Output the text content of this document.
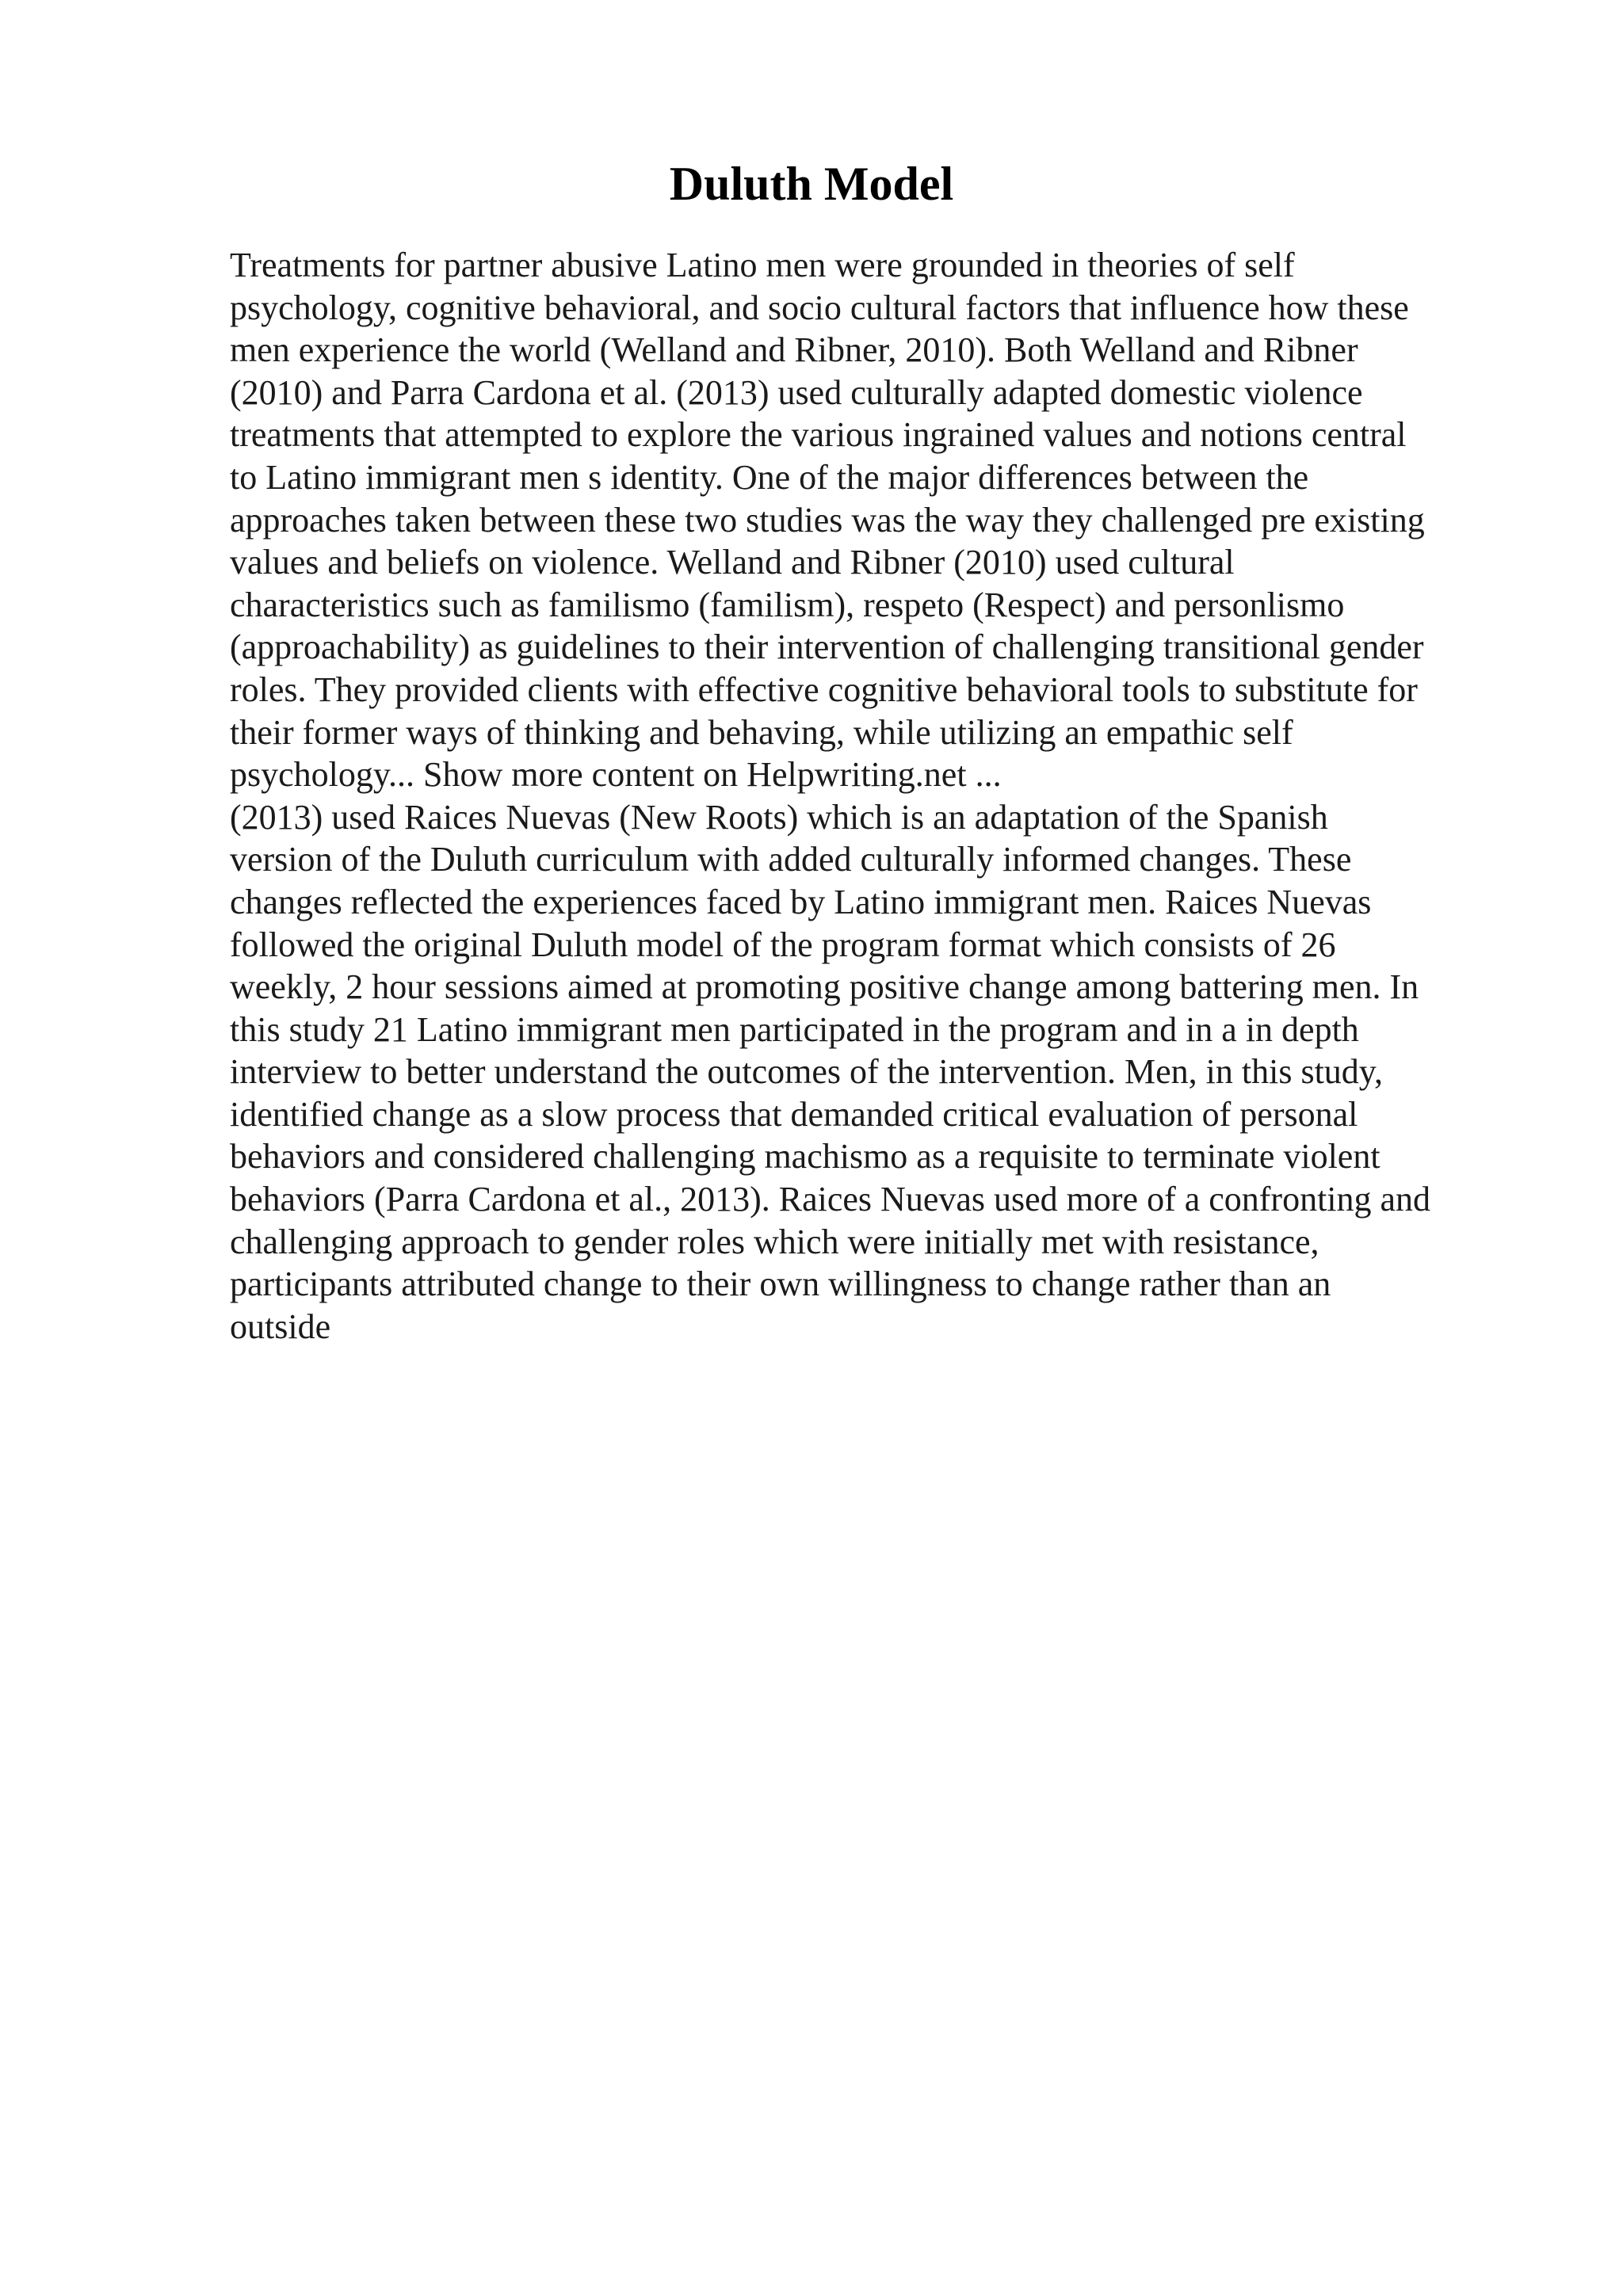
Duluth Model
Treatments for partner abusive Latino men were grounded in theories of self
psychology, cognitive behavioral, and socio cultural factors that influence how these
men experience the world (Welland and Ribner, 2010). Both Welland and Ribner
(2010) and Parra Cardona et al. (2013) used culturally adapted domestic violence
treatments that attempted to explore the various ingrained values and notions central
to Latino immigrant men s identity. One of the major differences between the
approaches taken between these two studies was the way they challenged pre existing
values and beliefs on violence. Welland and Ribner (2010) used cultural
characteristics such as familismo (familism), respeto (Respect) and personlismo
(approachability) as guidelines to their intervention of challenging transitional gender
roles. They provided clients with effective cognitive behavioral tools to substitute for
their former ways of thinking and behaving, while utilizing an empathic self
psychology... Show more content on Helpwriting.net ...
(2013) used Raices Nuevas (New Roots) which is an adaptation of the Spanish
version of the Duluth curriculum with added culturally informed changes. These
changes reflected the experiences faced by Latino immigrant men. Raices Nuevas
followed the original Duluth model of the program format which consists of 26
weekly, 2 hour sessions aimed at promoting positive change among battering men. In
this study 21 Latino immigrant men participated in the program and in a in depth
interview to better understand the outcomes of the intervention. Men, in this study,
identified change as a slow process that demanded critical evaluation of personal
behaviors and considered challenging machismo as a requisite to terminate violent
behaviors (Parra Cardona et al., 2013). Raices Nuevas used more of a confronting and
challenging approach to gender roles which were initially met with resistance,
participants attributed change to their own willingness to change rather than an
outside
